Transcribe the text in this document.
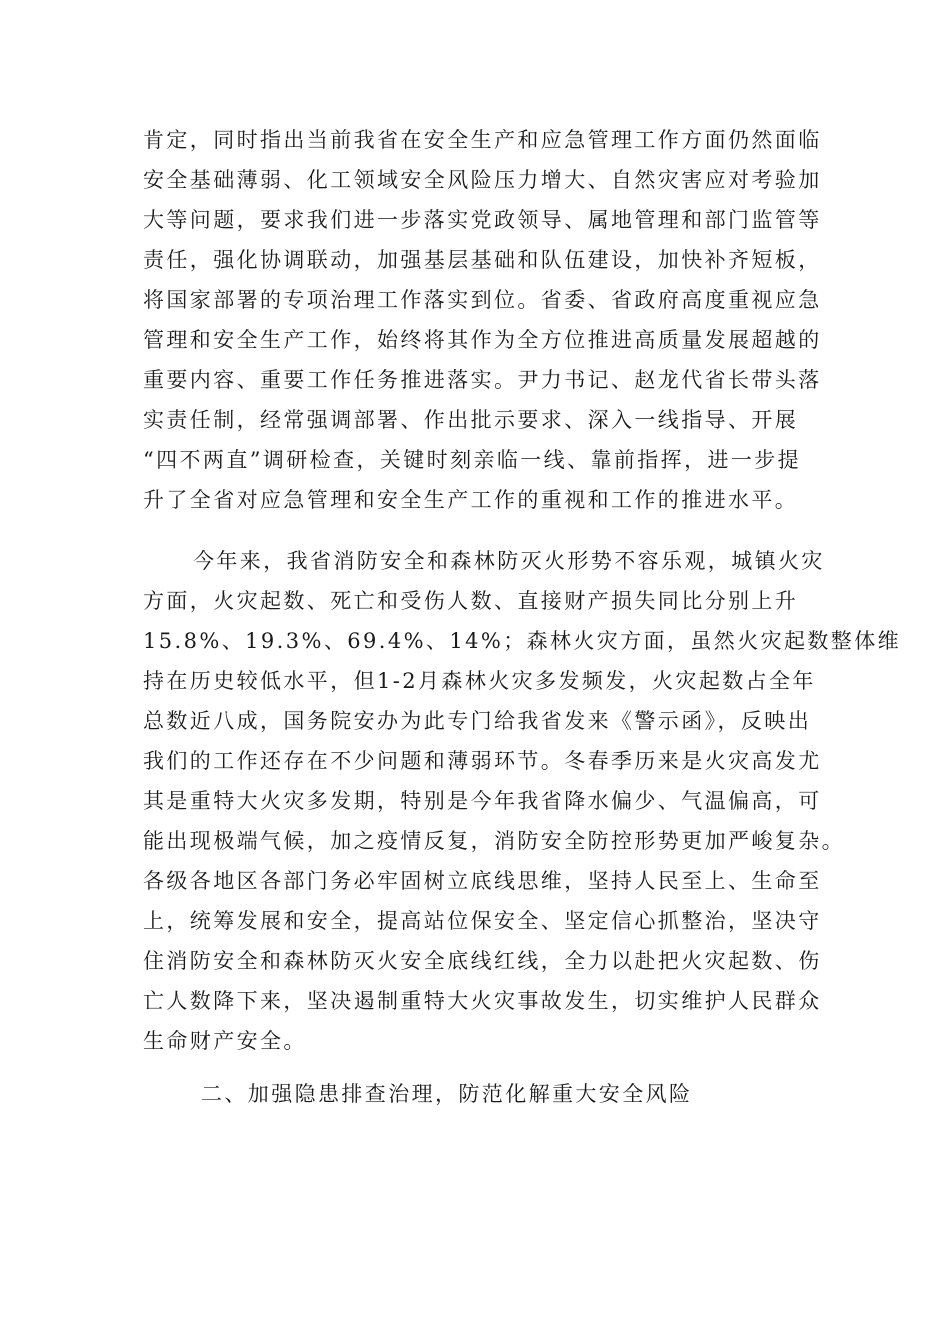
肯定，同时指出当前我省在安全生产和应急管理工作方面仍然面临
安全基础薄弱、化工领域安全风险压力增大、自然灾害应对考验加
大等问题，要求我们进一步落实党政领导、属地管理和部门监管等
责任，强化协调联动，加强基层基础和队伍建设，加快补齐短板，
将国家部署的专项治理工作落实到位。省委、省政府高度重视应急
管理和安全生产工作，始终将其作为全方位推进高质量发展超越的
重要内容、重要工作任务推进落实。尹力书记、赵龙代省长带头落
实责任制，经常强调部署、作出批示要求、深入一线指导、开展
“四不两直”调研检查，关键时刻亲临一线、靠前指挥，进一步提
升了全省对应急管理和安全生产工作的重视和工作的推进水平。
今年来，我省消防安全和森林防灭火形势不容乐观，城镇火灾
方面，火灾起数、死亡和受伤人数、直接财产损失同比分别上升
15.8%、19.3%、69.4%、14%；森林火灾方面，虽然火灾起数整体维
持在历史较低水平，但1-2月森林火灾多发频发，火灾起数占全年
总数近八成，国务院安办为此专门给我省发来《警示函》，反映出
我们的工作还存在不少问题和薄弱环节。冬春季历来是火灾高发尤
其是重特大火灾多发期，特别是今年我省降水偏少、气温偏高，可
能出现极端气候，加之疫情反复，消防安全防控形势更加严峻复杂。
各级各地区各部门务必牢固树立底线思维，坚持人民至上、生命至
上，统筹发展和安全，提高站位保安全、坚定信心抓整治，坚决守
住消防安全和森林防灭火安全底线红线，全力以赴把火灾起数、伤
亡人数降下来，坚决遏制重特大火灾事故发生，切实维护人民群众
生命财产安全。
二、加强隐患排查治理，防范化解重大安全风险
